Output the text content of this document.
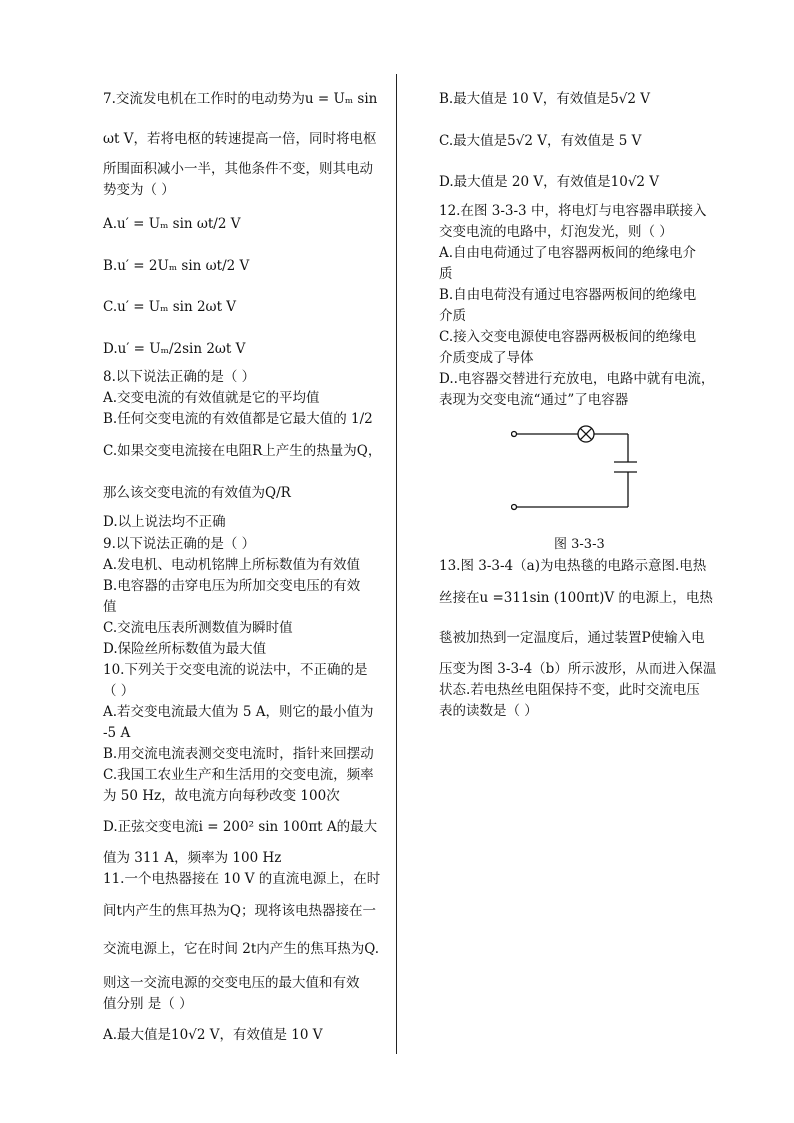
7.交流发电机在工作时的电动势为u = Uₘ sin
ωt V，若将电枢的转速提高一倍，同时将电枢
所围面积减小一半，其他条件不变，则其电动
势变为（ ）
A.u′ = Uₘ sin ωt/2 V
B.u′ = 2Uₘ sin ωt/2 V
C.u′ = Uₘ sin 2ωt V
D.u′ = Uₘ/2sin 2ωt V
8.以下说法正确的是（ ）
A.交变电流的有效值就是它的平均值
B.任何交变电流的有效值都是它最大值的 1/2
C.如果交变电流接在电阻R上产生的热量为Q，
那么该交变电流的有效值为Q/R
D.以上说法均不正确
9.以下说法正确的是（ ）
A.发电机、电动机铭牌上所标数值为有效值
B.电容器的击穿电压为所加交变电压的有效
值
C.交流电压表所测数值为瞬时值
D.保险丝所标数值为最大值
10.下列关于交变电流的说法中，不正确的是
（ ）
A.若交变电流最大值为 5 A，则它的最小值为
-5 A
B.用交流电流表测交变电流时，指针来回摆动
C.我国工农业生产和生活用的交变电流，频率
为 50 Hz，故电流方向每秒改变 100次
D.正弦交变电流i = 200² sin 100πt A的最大
值为 311 A，频率为 100 Hz
11.一个电热器接在 10 V 的直流电源上，在时
间t内产生的焦耳热为Q；现将该电热器接在一
交流电源上，它在时间 2t内产生的焦耳热为Q.
则这一交流电源的交变电压的最大值和有效
值分别 是（ ）
A.最大值是10√2 V，有效值是 10 V
B.最大值是 10 V，有效值是5√2 V
C.最大值是5√2 V，有效值是 5 V
D.最大值是 20 V，有效值是10√2 V
12.在图 3-3-3 中，将电灯与电容器串联接入
交变电流的电路中，灯泡发光，则（ ）
A.自由电荷通过了电容器两板间的绝缘电介
质
B.自由电荷没有通过电容器两板间的绝缘电
介质
C.接入交变电源使电容器两极板间的绝缘电
介质变成了导体
D..电容器交替进行充放电，电路中就有电流，
表现为交变电流“通过”了电容器
图 3-3-3
13.图 3-3-4（a)为电热毯的电路示意图.电热
丝接在u =311sin (100πt)V 的电源上，电热
毯被加热到一定温度后，通过装置P使输入电
压变为图 3-3-4（b）所示波形，从而进入保温
状态.若电热丝电阻保持不变，此时交流电压
表的读数是（ ）
